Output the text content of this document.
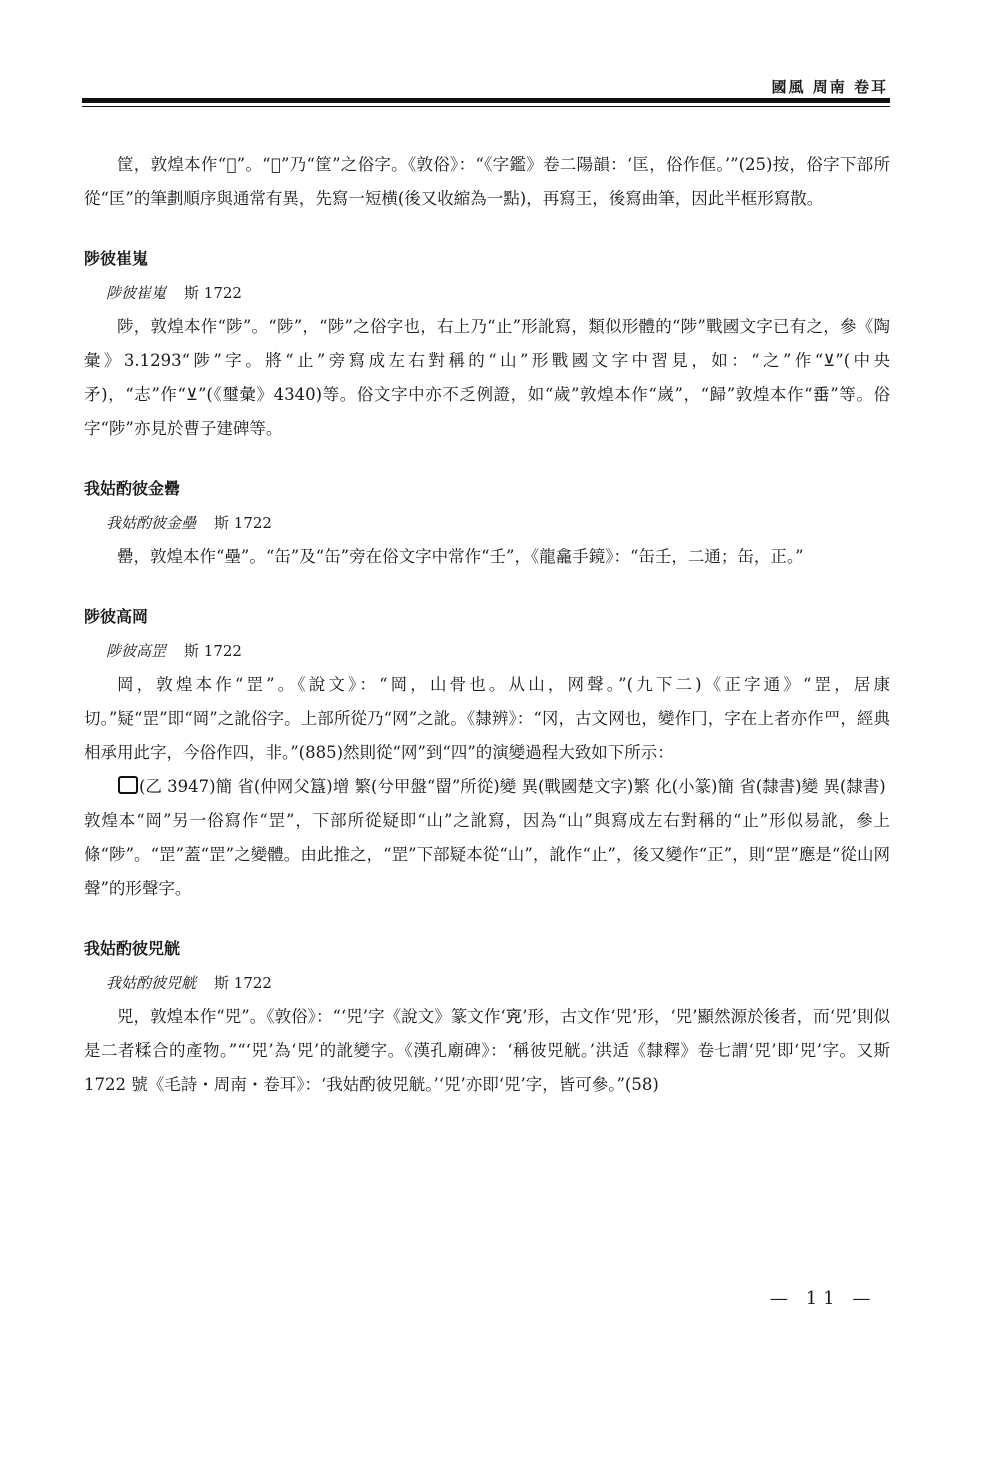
國風 周南 卷耳

筐，敦煌本作“𫹴”。“𫹴”乃“筐”之俗字。《敦俗》：“《字鑑》卷二陽韻：‘匡，俗作㑌。’”(25)按，俗字下部所從“匡”的筆劃順序與通常有異，先寫一短横(後又收縮為一點)，再寫王，後寫曲筆，因此半框形寫散。

陟彼崔嵬
陟彼崔嵬 斯 1722

陟，敦煌本作“陟”。“陟”，“陟”之俗字也，右上乃“止”形訛寫，類似形體的“陟”戰國文字已有之，參《陶彙》3.1293“陟”字。將“止”旁寫成左右對稱的“山”形戰國文字中習見，如：“之”作“⊻”(中央矛)，“志”作“⊻”(《璽彙》4340)等。俗文字中亦不乏例證，如“歲”敦煌本作“嵗”，“歸”敦煌本作“𡸁”等。俗字“陟”亦見於曹子建碑等。

我姑酌彼金罍
我姑酌彼金壘 斯 1722

罍，敦煌本作“壘”。“缶”及“缶”旁在俗文字中常作“壬”，《龍龕手鏡》：“缶壬，二通；缶，正。”

陟彼高岡
陟彼高罡 斯 1722

岡，敦煌本作“罡”。《說文》：“岡，山骨也。从山，网聲。”(九下二)《正字通》“罡，居康切。”疑“罡”即“岡”之訛俗字。上部所從乃“网”之訛。《隸辨》：“冈，古文网也，變作冂，字在上者亦作罒，經典相承用此字，今俗作四，非。”(885)然則從“网”到“四”的演變過程大致如下所示：

(乙 3947)簡 省(仲网父簋)增 繁(兮甲盤“罶”所從)變 異(戰國楚文字)繁 化(小篆)簡 省(隸書)變 異(隸書)

敦煌本“岡”另一俗寫作“罡”，下部所從疑即“山”之訛寫，因為“山”與寫成左右對稱的“止”形似易訛，參上條“陟”。“罡”蓋“罡”之變體。由此推之，“罡”下部疑本從“山”，訛作“止”，後又變作“正”，則“罡”應是“從山网聲”的形聲字。

我姑酌彼兕觥
我姑酌彼兕觥 斯 1722

兕，敦煌本作“兕”。《敦俗》：“‘兕’字《說文》篆文作‘𠒋’形，古文作‘兕’形，‘兕’顯然源於後者，而‘兕’則似是二者糅合的產物。”“‘兕’為‘兕’的訛變字。《漢孔廟碑》：‘稱彼兕觥。’洪适《隸釋》卷七謂‘兕’即‘兕’字。又斯 1722 號《毛詩・周南・卷耳》：‘我姑酌彼兕觥。’‘兕’亦即‘兕’字，皆可參。”(58)

— 11 —
